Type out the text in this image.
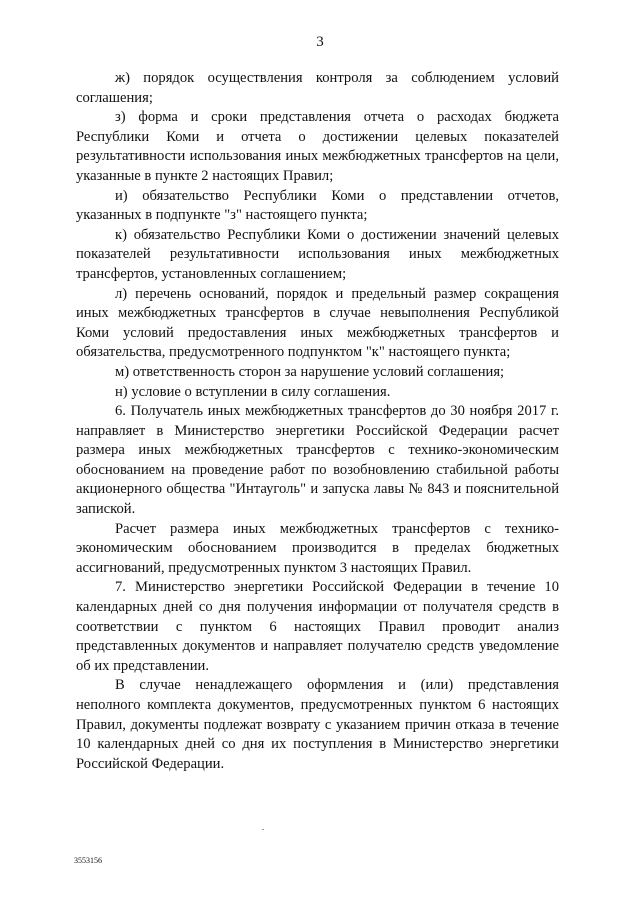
3

ж) порядок осуществления контроля за соблюдением условий соглашения;

з) форма и сроки представления отчета о расходах бюджета Республики Коми и отчета о достижении целевых показателей результативности использования иных межбюджетных трансфертов на цели, указанные в пункте 2 настоящих Правил;

и) обязательство Республики Коми о представлении отчетов, указанных в подпункте "з" настоящего пункта;

к) обязательство Республики Коми о достижении значений целевых показателей результативности использования иных межбюджетных трансфертов, установленных соглашением;

л) перечень оснований, порядок и предельный размер сокращения иных межбюджетных трансфертов в случае невыполнения Республикой Коми условий предоставления иных межбюджетных трансфертов и обязательства, предусмотренного подпунктом "к" настоящего пункта;

м) ответственность сторон за нарушение условий соглашения;

н) условие о вступлении в силу соглашения.

6. Получатель иных межбюджетных трансфертов до 30 ноября 2017 г. направляет в Министерство энергетики Российской Федерации расчет размера иных межбюджетных трансфертов с технико-экономическим обоснованием на проведение работ по возобновлению стабильной работы акционерного общества "Интауголь" и запуска лавы № 843 и пояснительной запиской.

Расчет размера иных межбюджетных трансфертов с технико-экономическим обоснованием производится в пределах бюджетных ассигнований, предусмотренных пунктом 3 настоящих Правил.

7. Министерство энергетики Российской Федерации в течение 10 календарных дней со дня получения информации от получателя средств в соответствии с пунктом 6 настоящих Правил проводит анализ представленных документов и направляет получателю средств уведомление об их представлении.

В случае ненадлежащего оформления и (или) представления неполного комплекта документов, предусмотренных пунктом 6 настоящих Правил, документы подлежат возврату с указанием причин отказа в течение 10 календарных дней со дня их поступления в Министерство энергетики Российской Федерации.

3553156
